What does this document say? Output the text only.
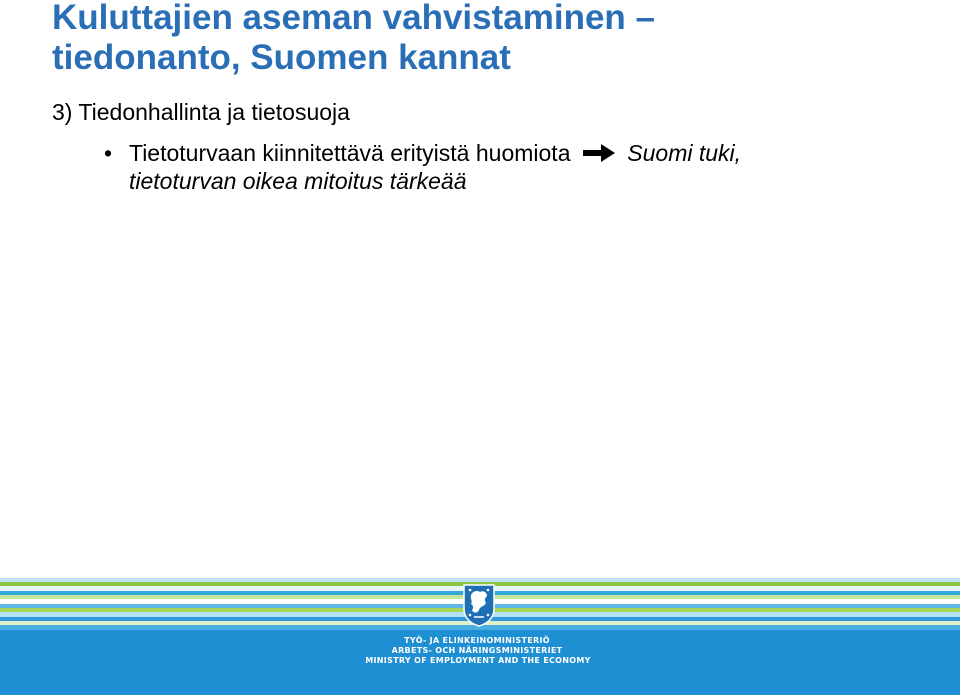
Kuluttajien aseman vahvistaminen –
tiedonanto, Suomen kannat
3) Tiedonhallinta ja tietosuoja
• Tietoturvaan kiinnitettävä erityistä huomiota Suomi tuki,
tietoturvan oikea mitoitus tärkeää
TYÖ- JA ELINKEINOMINISTERIÖ
ARBETS- OCH NÄRINGSMINISTERIET
MINISTRY OF EMPLOYMENT AND THE ECONOMY
